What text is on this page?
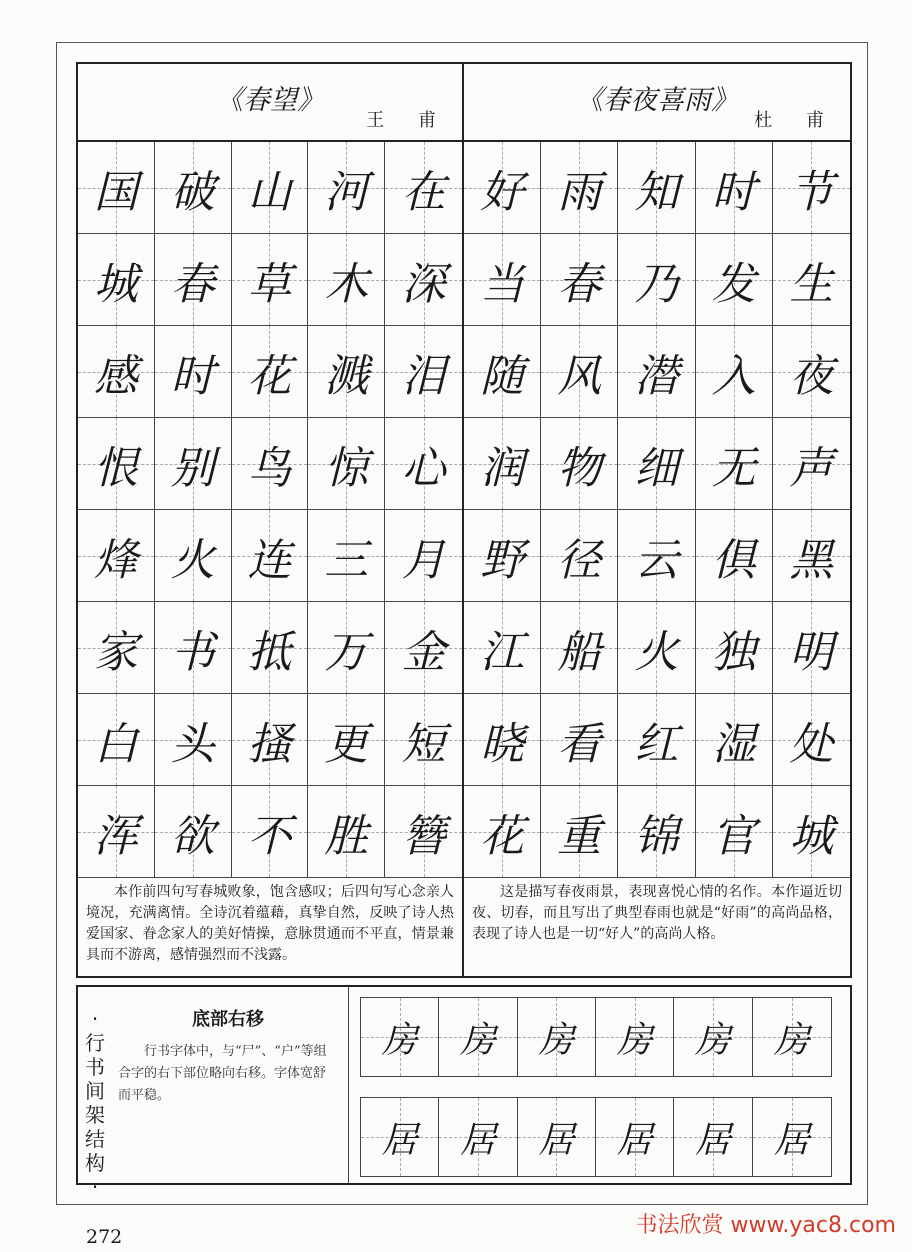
《春望》
王 甫
国 破 山 河 在
城 春 草 木 深
感 时 花 溅 泪
恨 别 鸟 惊 心
烽 火 连 三 月
家 书 抵 万 金
白 头 搔 更 短
浑 欲 不 胜 簪
本作前四句写春城败象，饱含感叹；后四句写心念亲人境况，充满离情。全诗沉着蕴藉，真挚自然，反映了诗人热爱国家、眷念家人的美好情操，意脉贯通而不平直，情景兼具而不游离，感情强烈而不浅露。
《春夜喜雨》
杜 甫
好 雨 知 时 节
当 春 乃 发 生
随 风 潜 入 夜
润 物 细 无 声
野 径 云 俱 黑
江 船 火 独 明
晓 看 红 湿 处
花 重 锦 官 城
这是描写春夜雨景，表现喜悦心情的名作。本作逼近切夜、切春，而且写出了典型春雨也就是“好雨”的高尚品格，表现了诗人也是一切“好人”的高尚人格。
·行书间架结构·
底部右移

行书字体中，与“尸”、“户”等组合字的右下部位略向右移。字体宽舒而平稳。

房 房 房 房 房 房
居 居 居 居 居 居
272	书法欣赏 www.yac8.com
